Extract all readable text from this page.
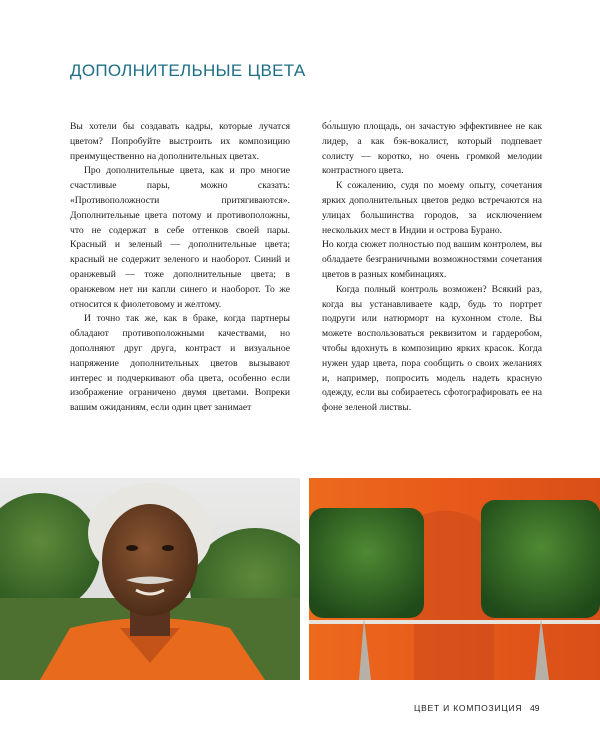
ДОПОЛНИТЕЛЬНЫЕ ЦВЕТА

Вы хотели бы создавать кадры, которые лучатся цветом? Попробуйте выстроить их композицию преимущественно на дополнительных цветах.

Про дополнительные цвета, как и про многие счастливые пары, можно сказать: «Противоположности притягиваются». Дополнительные цвета потому и противоположны, что не содержат в себе оттенков своей пары. Красный и зеленый — дополнительные цвета; красный не содержит зеленого и наоборот. Синий и оранжевый — тоже дополнительные цвета; в оранжевом нет ни капли синего и наоборот. То же относится к фиолетовому и желтому.

И точно так же, как в браке, когда партнеры обладают противоположными качествами, но дополняют друг друга, контраст и визуальное напряжение дополнительных цветов вызывают интерес и подчеркивают оба цвета, особенно если изображение ограничено двумя цветами. Вопреки вашим ожиданиям, если один цвет занимает

бо́льшую площадь, он зачастую эффективнее не как лидер, а как бэк-вокалист, который подпевает солисту — коротко, но очень громкой мелодии контрастного цвета.

К сожалению, судя по моему опыту, сочетания ярких дополнительных цветов редко встречаются на улицах большинства городов, за исключением нескольких мест в Индии и острова Бурано.

Но когда сюжет полностью под вашим контролем, вы обладаете безграничными возможностями сочетания цветов в разных комбинациях.

Когда полный контроль возможен? Всякий раз, когда вы устанавливаете кадр, будь то портрет подруги или натюрморт на кухонном столе. Вы можете воспользоваться реквизитом и гардеробом, чтобы вдохнуть в композицию ярких красок. Когда нужен удар цвета, пора сообщить о своих желаниях и, например, попросить модель надеть красную одежду, если вы собираетесь сфотографировать ее на фоне зеленой листвы.

ЦВЕТ И КОМПОЗИЦИЯ 49
